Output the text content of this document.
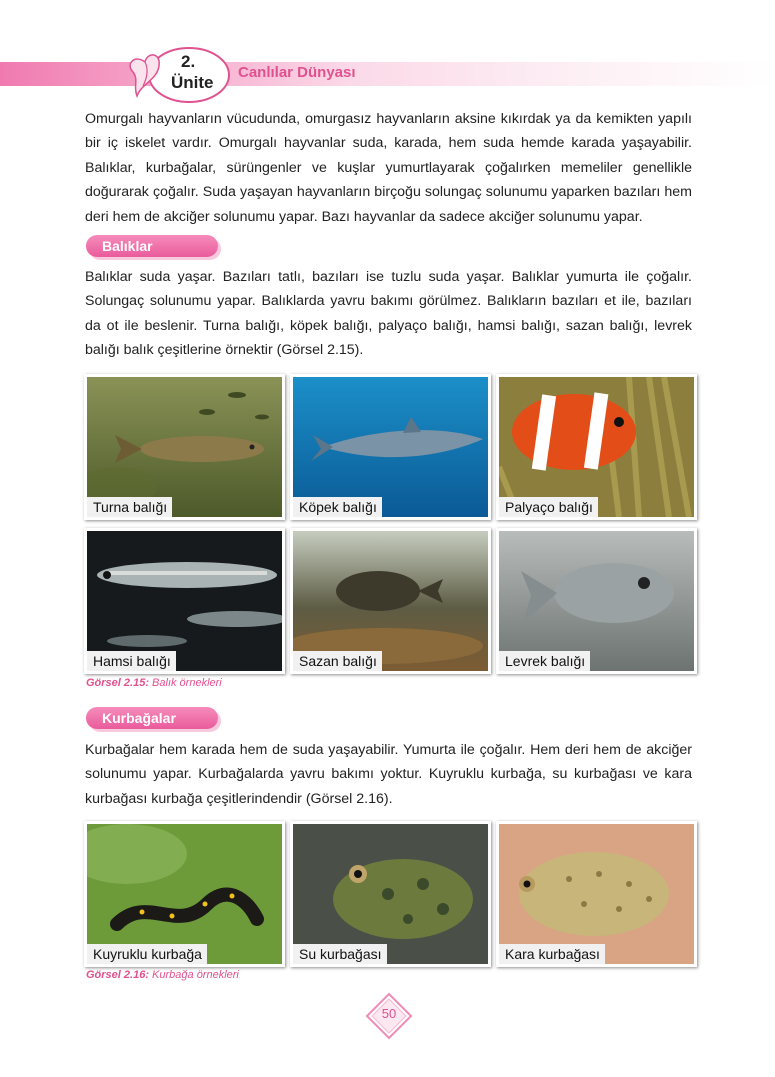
2.
Ünite
Canlılar Dünyası

Omurgalı hayvanların vücudunda, omurgasız hayvanların aksine kıkırdak ya da kemikten yapılı bir iç iskelet vardır. Omurgalı hayvanlar suda, karada, hem suda hemde karada yaşayabilir. Balıklar, kurbağalar, sürüngenler ve kuşlar yumurtlayarak çoğalırken memeliler genellikle doğurarak çoğalır. Suda yaşayan hayvanların birçoğu solungaç solunumu yaparken bazıları hem deri hem de akciğer solunumu yapar. Bazı hayvanlar da sadece akciğer solunumu yapar.

Balıklar

Balıklar suda yaşar. Bazıları tatlı, bazıları ise tuzlu suda yaşar. Balıklar yumurta ile çoğalır. Solungaç solunumu yapar. Balıklarda yavru bakımı görülmez. Balıkların bazıları et ile, bazıları da ot ile beslenir. Turna balığı, köpek balığı, palyaço balığı, hamsi balığı, sazan balığı, levrek balığı balık çeşitlerine örnektir (Görsel 2.15).

Turna balığı	Köpek balığı	Palyaço balığı
Hamsi balığı	Sazan balığı	Levrek balığı
Görsel 2.15: Balık örnekleri
Kurbağalar

Kurbağalar hem karada hem de suda yaşayabilir. Yumurta ile çoğalır. Hem deri hem de akciğer solunumu yapar. Kurbağalarda yavru bakımı yoktur. Kuyruklu kurbağa, su kurbağası ve kara kurbağası kurbağa çeşitlerindendir (Görsel 2.16).

Kuyruklu kurbağa	Su kurbağası	Kara kurbağası
Görsel 2.16: Kurbağa örnekleri
50
